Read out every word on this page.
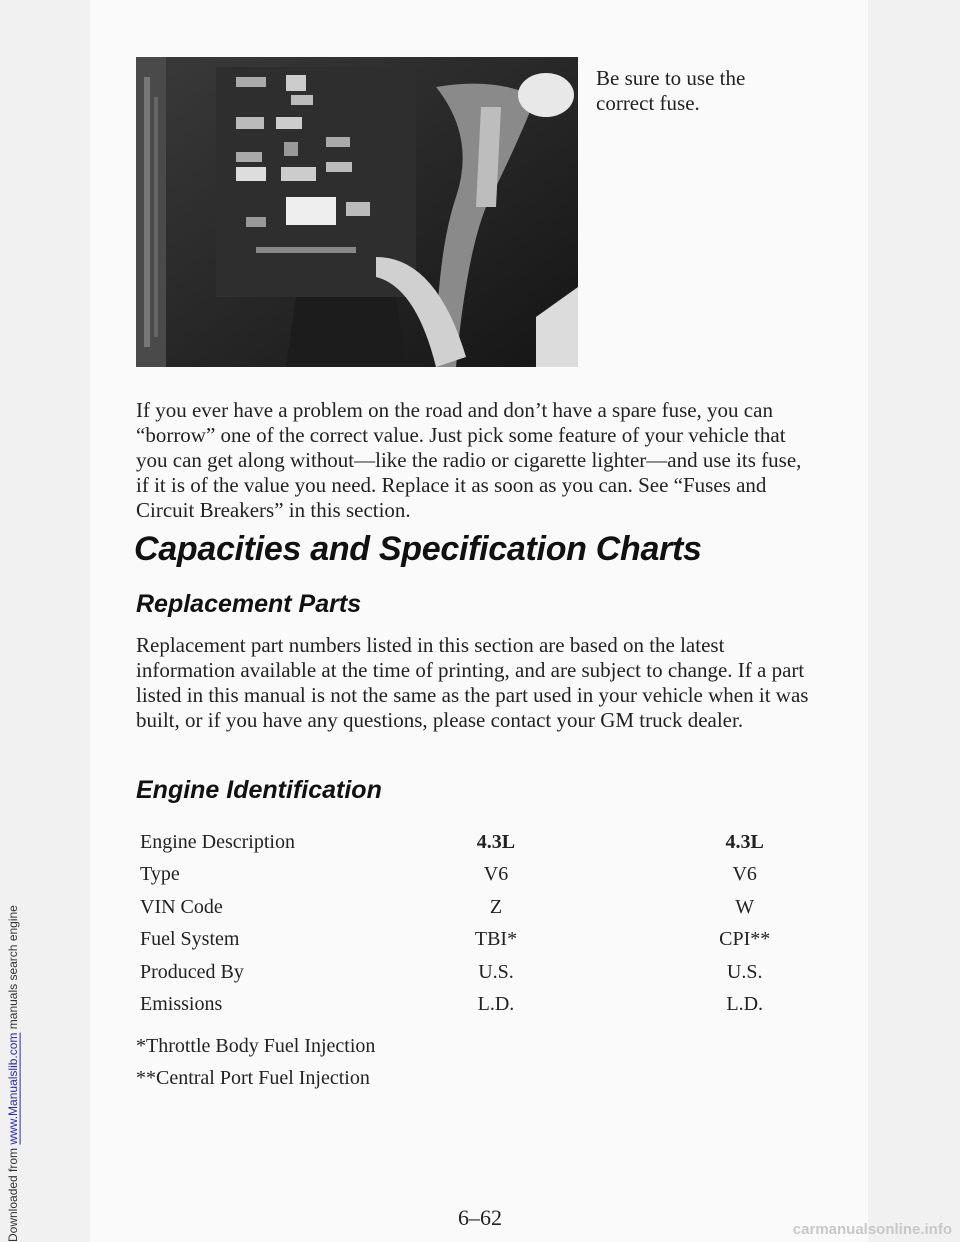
Downloaded from www.Manualslib.com manuals search engine
Be sure to use the correct fuse.
If you ever have a problem on the road and don’t have a spare fuse, you can “borrow” one of the correct value. Just pick some feature of your vehicle that you can get along without—like the radio or cigarette lighter—and use its fuse, if it is of the value you need. Replace it as soon as you can. See “Fuses and Circuit Breakers” in this section.
Capacities and Specification Charts
Replacement Parts
Replacement part numbers listed in this section are based on the latest information available at the time of printing, and are subject to change. If a part listed in this manual is not the same as the part used in your vehicle when it was built, or if you have any questions, please contact your GM truck dealer.
Engine Identification
Engine Description	4.3L		4.3L
Type	V6		V6
VIN Code	Z		W
Fuel System	TBI*		CPI**
Produced By	U.S.		U.S.
Emissions	L.D.		L.D.
*Throttle Body Fuel Injection
**Central Port Fuel Injection
6–62	carmanualsonline.info
